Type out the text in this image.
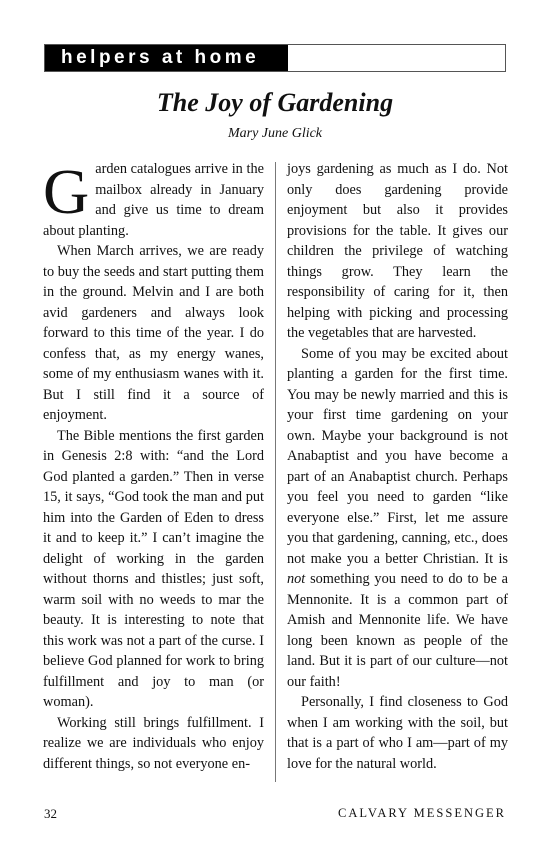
helpers at home
The Joy of Gardening
Mary June Glick

Garden catalogues arrive in the mailbox already in January and give us time to dream about planting.

When March arrives, we are ready to buy the seeds and start putting them in the ground. Melvin and I are both avid gardeners and always look forward to this time of the year. I do confess that, as my energy wanes, some of my enthusiasm wanes with it. But I still find it a source of enjoyment.

The Bible mentions the first garden in Genesis 2:8 with: “and the Lord God planted a garden.” Then in verse 15, it says, “God took the man and put him into the Garden of Eden to dress it and to keep it.” I can’t imagine the delight of working in the garden without thorns and thistles; just soft, warm soil with no weeds to mar the beauty. It is interesting to note that this work was not a part of the curse. I believe God planned for work to bring fulfillment and joy to man (or woman).

Working still brings fulfillment. I realize we are individuals who enjoy different things, so not everyone en-

joys gardening as much as I do. Not only does gardening provide enjoyment but also it provides provisions for the table. It gives our children the privilege of watching things grow. They learn the responsibility of caring for it, then helping with picking and processing the vegetables that are harvested.

Some of you may be excited about planting a garden for the first time. You may be newly married and this is your first time gardening on your own. Maybe your background is not Anabaptist and you have become a part of an Anabaptist church. Perhaps you feel you need to garden “like everyone else.” First, let me assure you that gardening, canning, etc., does not make you a better Christian. It is not something you need to do to be a Mennonite. It is a common part of Amish and Mennonite life. We have long been known as people of the land. But it is part of our culture—not our faith!

Personally, I find closeness to God when I am working with the soil, but that is a part of who I am—part of my love for the natural world.

32	CALVARY MESSENGER
